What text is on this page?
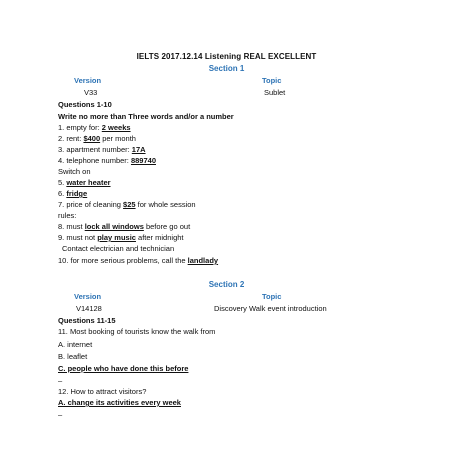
IELTS 2017.12.14 Listening REAL EXCELLENT
Section 1
Version	Topic
V33	Sublet
Questions 1-10
Write no more than Three words and/or a number
1. empty for: 2 weeks
2. rent: $400 per month
3. apartment number: 17A
4. telephone number: 889740
Switch on
5. water heater
6. fridge
7. price of cleaning $25 for whole session
rules:
8. must lock all windows before go out
9. must not play music after midnight
Contact electrician and technician
10. for more serious problems, call the landlady
Section 2
Version	Topic
V14128	Discovery Walk event introduction
Questions 11-15
11. Most booking of tourists know the walk from
A. internet
B. leaflet
C. people who have done this before
–
12. How to attract visitors?
A. change its activities every week
–
